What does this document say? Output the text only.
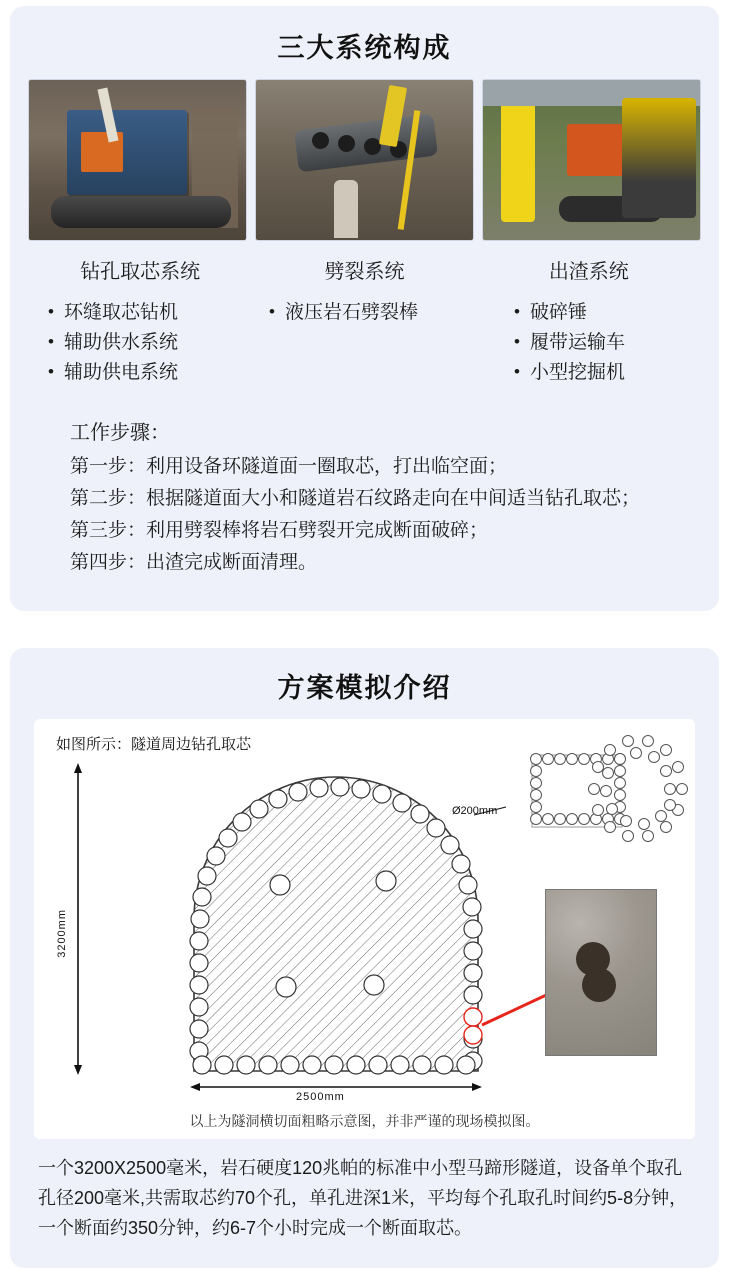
三大系统构成
钻孔取芯系统	劈裂系统	出渣系统
• 环缝取芯钻机
• 辅助供水系统
• 辅助供电系统
• 液压岩石劈裂棒	• 破碎锤
• 履带运输车
• 小型挖掘机
工作步骤：
第一步：利用设备环隧道面一圈取芯，打出临空面；
第二步：根据隧道面大小和隧道岩石纹路走向在中间适当钻孔取芯；
第三步：利用劈裂棒将岩石劈裂开完成断面破碎；
第四步：出渣完成断面清理。
方案模拟介绍
如图所示：隧道周边钻孔取芯
3200mm
2500mm
Ø200mm
以上为隧洞横切面粗略示意图，并非严谨的现场模拟图。
一个3200X2500毫米，岩石硬度120兆帕的标准中小型马蹄形隧道，设备单个取孔孔径200毫米,共需取芯约70个孔，单孔进深1米，平均每个孔取孔时间约5-8分钟，一个断面约350分钟，约6-7个小时完成一个断面取芯。
